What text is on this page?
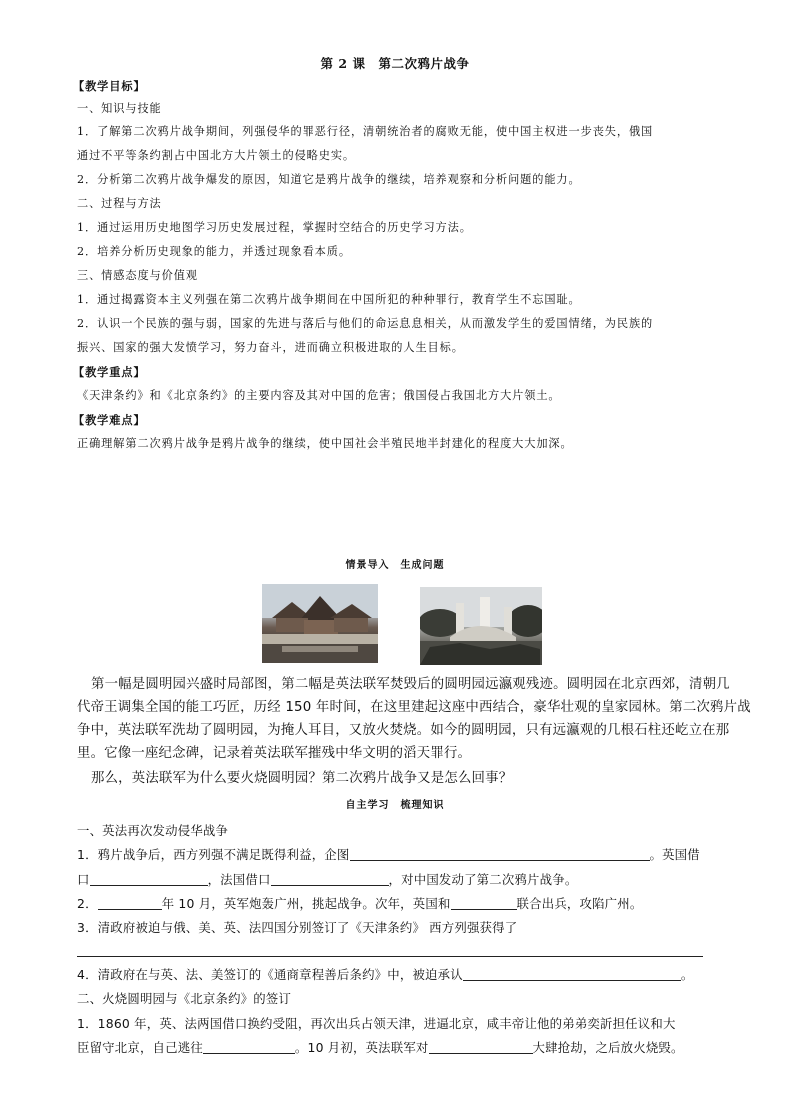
第 2 课　第二次鸦片战争
【教学目标】
一、知识与技能
1．了解第二次鸦片战争期间，列强侵华的罪恶行径，清朝统治者的腐败无能，使中国主权进一步丧失，俄国
通过不平等条约割占中国北方大片领土的侵略史实。
2．分析第二次鸦片战争爆发的原因，知道它是鸦片战争的继续，培养观察和分析问题的能力。
二、过程与方法
1．通过运用历史地图学习历史发展过程，掌握时空结合的历史学习方法。
2．培养分析历史现象的能力，并透过现象看本质。
三、情感态度与价值观
1．通过揭露资本主义列强在第二次鸦片战争期间在中国所犯的种种罪行，教育学生不忘国耻。
2．认识一个民族的强与弱，国家的先进与落后与他们的命运息息相关，从而激发学生的爱国情绪，为民族的
振兴、国家的强大发愤学习，努力奋斗，进而确立积极进取的人生目标。
【教学重点】
《天津条约》和《北京条约》的主要内容及其对中国的危害；俄国侵占我国北方大片领土。
【教学难点】
正确理解第二次鸦片战争是鸦片战争的继续，使中国社会半殖民地半封建化的程度大大加深。
情景导入　生成问题
第一幅是圆明园兴盛时局部图，第二幅是英法联军焚毁后的圆明园远瀛观残迹。圆明园在北京西郊，清朝几
代帝王调集全国的能工巧匠，历经 150 年时间，在这里建起这座中西结合，豪华壮观的皇家园林。第二次鸦片战
争中，英法联军洗劫了圆明园，为掩人耳目，又放火焚烧。如今的圆明园，只有远瀛观的几根石柱还屹立在那
里。它像一座纪念碑，记录着英法联军摧残中华文明的滔天罪行。
那么，英法联军为什么要火烧圆明园？第二次鸦片战争又是怎么回事？
自主学习　梳理知识
一、英法再次发动侵华战争
1．鸦片战争后，西方列强不满足既得利益，企图	。英国借
口	，法国借口	，对中国发动了第二次鸦片战争。
2．	年 10 月，英军炮轰广州，挑起战争。次年，英国和	联合出兵，攻陷广州。
3．清政府被迫与俄、美、英、法四国分别签订了《天津条约》 西方列强获得了
4．清政府在与英、法、美签订的《通商章程善后条约》中，被迫承认	。
二、火烧圆明园与《北京条约》的签订
1．1860 年，英、法两国借口换约受阻，再次出兵占领天津，进逼北京，咸丰帝让他的弟弟奕訢担任议和大
臣留守北京，自己逃往	。10 月初，英法联军对	大肆抢劫，之后放火烧毁。
